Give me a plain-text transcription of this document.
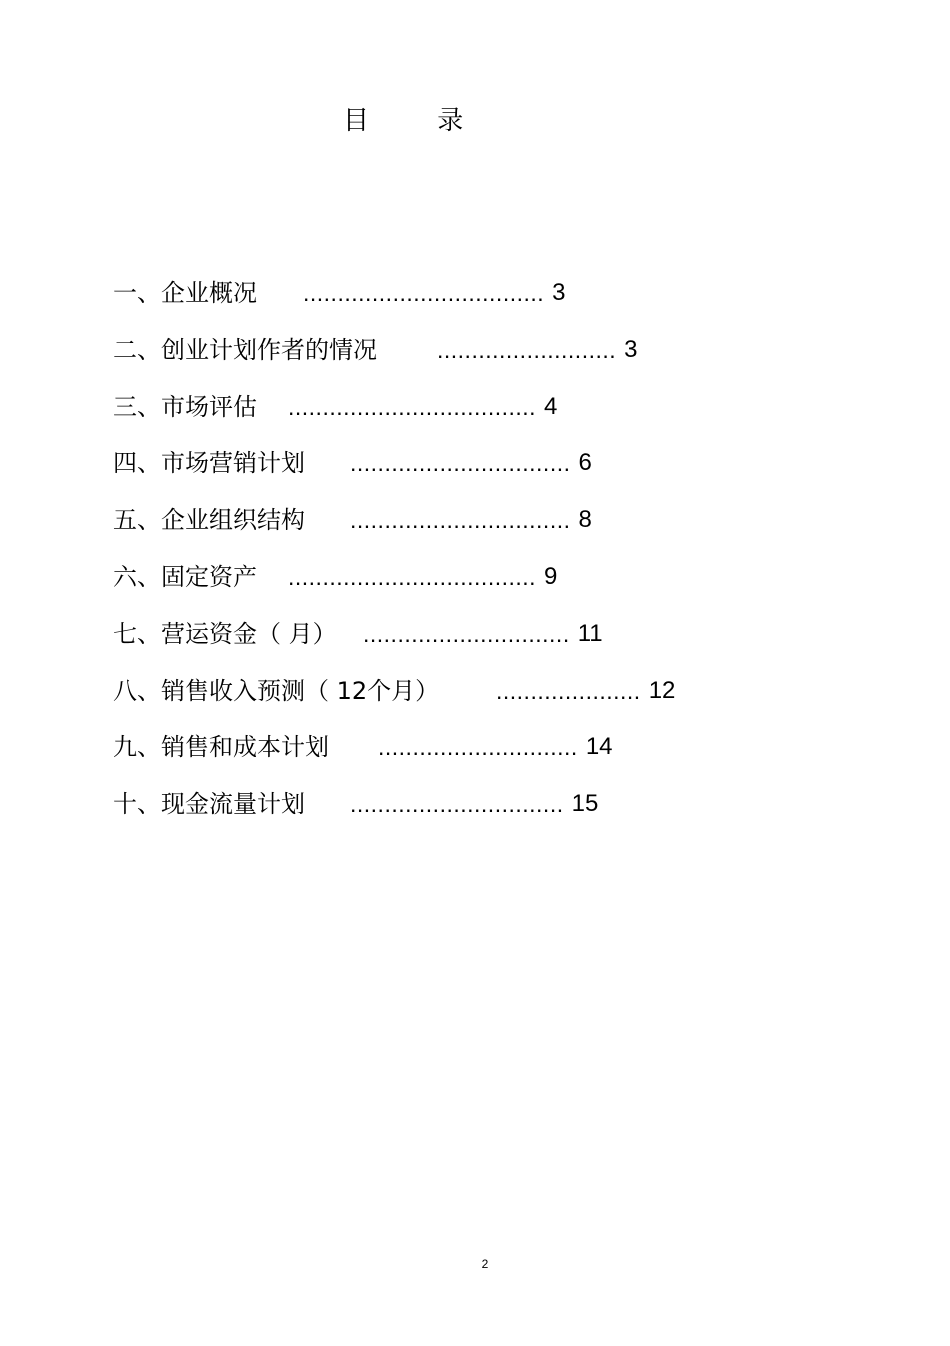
目 录
一、企业概况	................................... 3
二、创业计划作者的情况	.......................... 3
三、市场评估	.................................... 4
四、市场营销计划	................................ 6
五、企业组织结构	................................ 8
六、固定资产	.................................... 9
七、营运资金（ 月）	.............................. 11
八、销售收入预测（ 12个月）	..................... 12
九、销售和成本计划	............................. 14
十、现金流量计划	............................... 15
2
